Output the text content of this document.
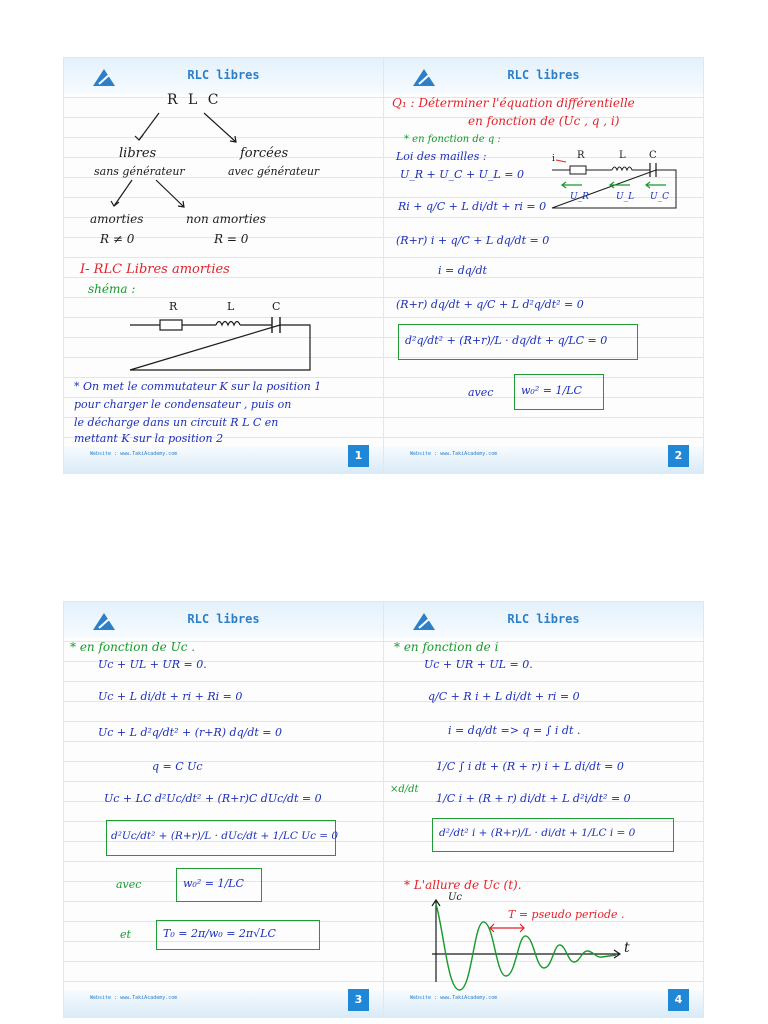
RLC libres
R L C
libres
sans générateur
forcées
avec générateur
amorties
R ≠ 0
non amorties
R = 0
I- RLC Libres amorties
shéma :
R	L	C
* On met le commutateur K sur la position 1
pour charger le condensateur , puis on
le décharge dans un circuit R L C en
mettant K sur la position 2
Website : www.TakiAcademy.com	1
RLC libres
Q₁ : Déterminer l'équation différentielle
en fonction de (Uc , q , i)
* en fonction de q :
Loi des mailles :	i R	L C
U_R	U_L U_C
U_R + U_C + U_L = 0
Ri + q/C + L di/dt + ri = 0
(R+r) i + q/C + L dq/dt = 0
i = dq/dt
(R+r) dq/dt + q/C + L d²q/dt² = 0
d²q/dt² + (R+r)/L · dq/dt + q/LC = 0
avec	w₀² = 1/LC
Website : www.TakiAcademy.com	2
RLC libres
* en fonction de Uc .
Uc + UL + UR = 0.
Uc + L di/dt + ri + Ri = 0
Uc + L d²q/dt² + (r+R) dq/dt = 0
q = C Uc
Uc + LC d²Uc/dt² + (R+r)C dUc/dt = 0
d²Uc/dt² + (R+r)/L · dUc/dt + 1/LC Uc = 0
avec	w₀² = 1/LC
et	T₀ = 2π/w₀ = 2π√LC
Website : www.TakiAcademy.com	3
RLC libres
* en fonction de i
Uc + UR + UL = 0.
q/C + R i + L di/dt + ri = 0
i = dq/dt => q = ∫ i dt .
1/C ∫ i dt + (R + r) i + L di/dt = 0
×d/dt
1/C i + (R + r) di/dt + L d²i/dt² = 0
d²/dt² i + (R+r)/L · di/dt + 1/LC i = 0
* L'allure de Uc (t).
Uc
t
T = pseudo periode .
Website : www.TakiAcademy.com	4
